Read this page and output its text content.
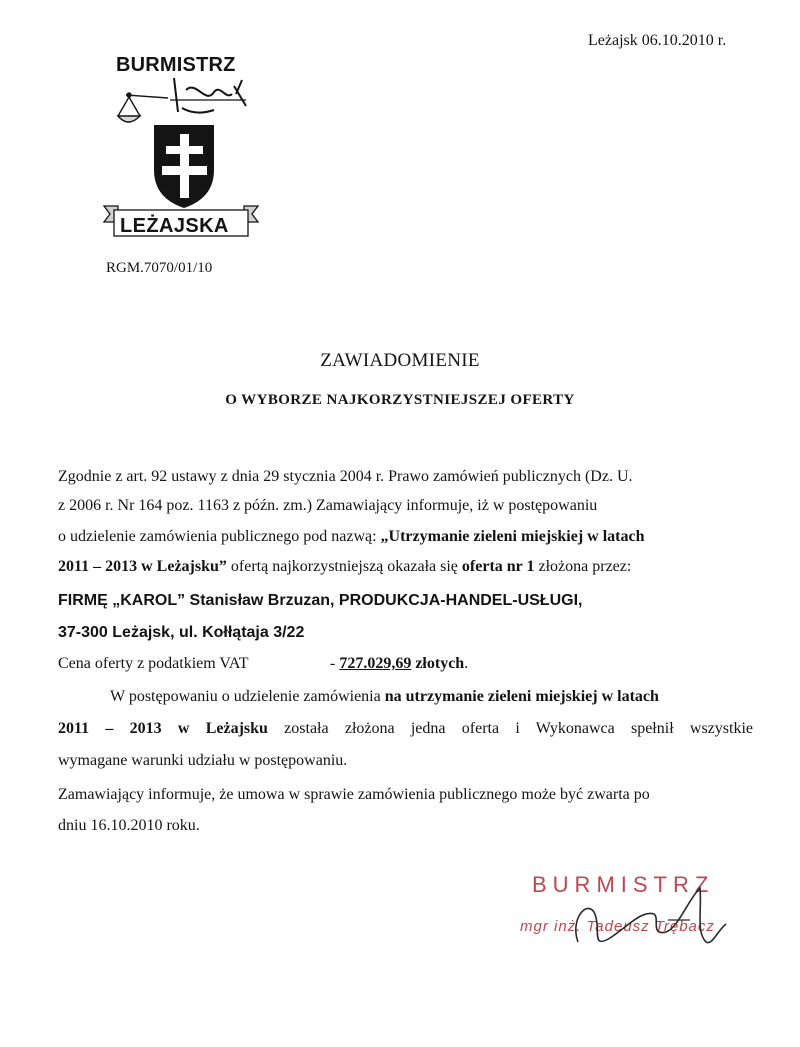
Leżajsk 06.10.2010 r.
BURMISTRZ
LEŻAJSKA
RGM.7070/01/10
ZAWIADOMIENIE
O WYBORZE NAJKORZYSTNIEJSZEJ OFERTY
Zgodnie z art. 92 ustawy z dnia 29 stycznia 2004 r. Prawo zamówień publicznych (Dz. U.
z 2006 r. Nr 164 poz. 1163 z późn. zm.) Zamawiający informuje, iż w postępowaniu
o udzielenie zamówienia publicznego pod nazwą: „Utrzymanie zieleni miejskiej w latach
2011 – 2013 w Leżajsku” ofertą najkorzystniejszą okazała się oferta nr 1 złożona przez:
FIRMĘ „KAROL” Stanisław Brzuzan, PRODUKCJA-HANDEL-USŁUGI,
37-300 Leżajsk, ul. Kołłątaja 3/22
Cena oferty z podatkiem VAT	- 727.029,69 złotych.
W postępowaniu o udzielenie zamówienia na utrzymanie zieleni miejskiej w latach
2011 – 2013 w Leżajsku została złożona jedna oferta i Wykonawca spełnił wszystkie
wymagane warunki udziału w postępowaniu.
Zamawiający informuje, że umowa w sprawie zamówienia publicznego może być zwarta po
dniu 16.10.2010 roku.
BURMISTRZ
mgr inż. Tadeusz Trębacz
